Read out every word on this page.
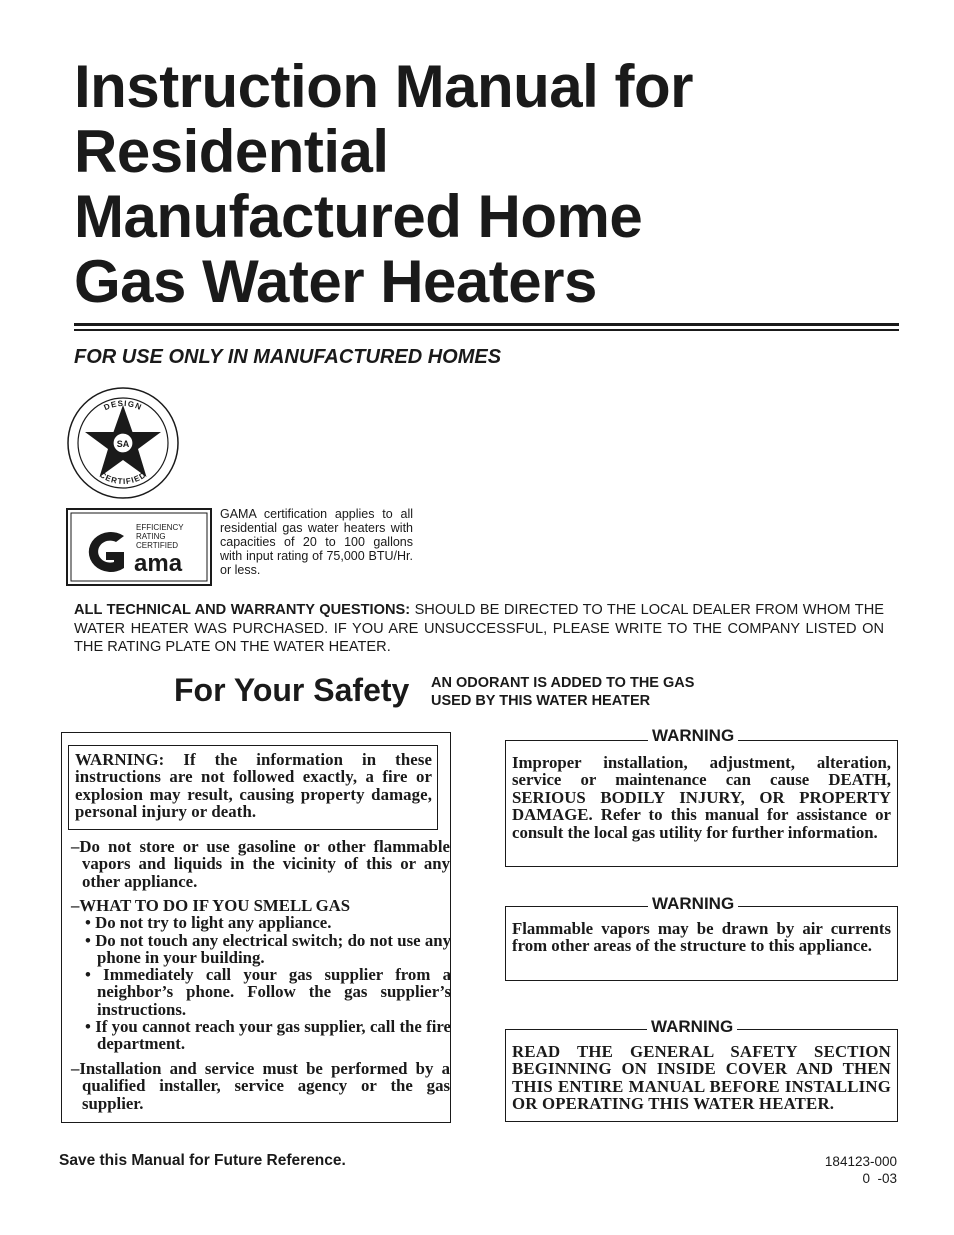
Instruction Manual for
Residential
Manufactured Home
Gas Water Heaters
FOR USE ONLY IN MANUFACTURED HOMES
SA
DESIGN
CERTIFIED
EFFICIENCY
RATING
CERTIFIED
ama
GAMA certification applies to all residential gas water heaters with capacities of 20 to 100 gallons with input rating of 75,000 BTU/Hr. or less.
ALL TECHNICAL AND WARRANTY QUESTIONS: SHOULD BE DIRECTED TO THE LOCAL DEALER FROM WHOM THE WATER HEATER WAS PURCHASED. IF YOU ARE UNSUCCESSFUL, PLEASE WRITE TO THE COMPANY LISTED ON THE RATING PLATE ON THE WATER HEATER.
For Your Safety AN ODORANT IS ADDED TO THE GAS
USED BY THIS WATER HEATER
WARNING: If the information in these instructions are not followed exactly, a fire or explosion may result, causing property damage, personal injury or death.
–Do not store or use gasoline or other flammable vapors and liquids in the vicinity of this or any other appliance.
–WHAT TO DO IF YOU SMELL GAS
• Do not try to light any appliance.
• Do not touch any electrical switch; do not use any phone in your building.
• Immediately call your gas supplier from a neighbor’s phone. Follow the gas supplier’s instructions.
• If you cannot reach your gas supplier, call the fire department.
–Installation and service must be performed by a qualified installer, service agency or the gas supplier.
WARNING
Improper installation, adjustment, alteration, service or maintenance can cause DEATH, SERIOUS BODILY INJURY, OR PROPERTY DAMAGE. Refer to this manual for assistance or consult the local gas utility for further information.
WARNING
Flammable vapors may be drawn by air currents from other areas of the structure to this appliance.
WARNING
READ THE GENERAL SAFETY SECTION BEGINNING ON INSIDE COVER AND THEN THIS ENTIRE MANUAL BEFORE INSTALLING OR OPERATING THIS WATER HEATER.
Save this Manual for Future Reference.	184123-000
0  -03
